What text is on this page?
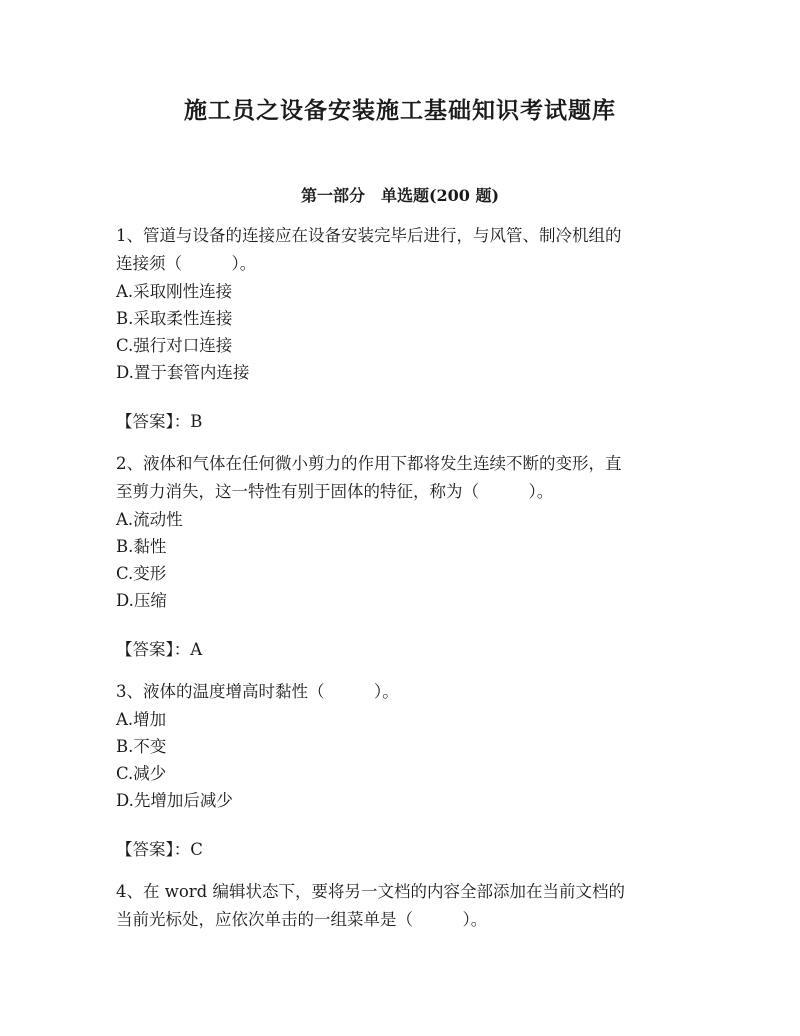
施工员之设备安装施工基础知识考试题库
第一部分　单选题(200 题)

1、管道与设备的连接应在设备安装完毕后进行，与风管、制冷机组的

连接须（　　　）。

A.采取刚性连接

B.采取柔性连接

C.强行对口连接

D.置于套管内连接

【答案】：B

2、液体和气体在任何微小剪力的作用下都将发生连续不断的变形，直

至剪力消失，这一特性有别于固体的特征，称为（　　　）。

A.流动性

B.黏性

C.变形

D.压缩

【答案】：A

3、液体的温度增高时黏性（　　　）。

A.增加

B.不变

C.减少

D.先增加后减少

【答案】：C

4、在 word 编辑状态下，要将另一文档的内容全部添加在当前文档的

当前光标处，应依次单击的一组菜单是（　　　）。
